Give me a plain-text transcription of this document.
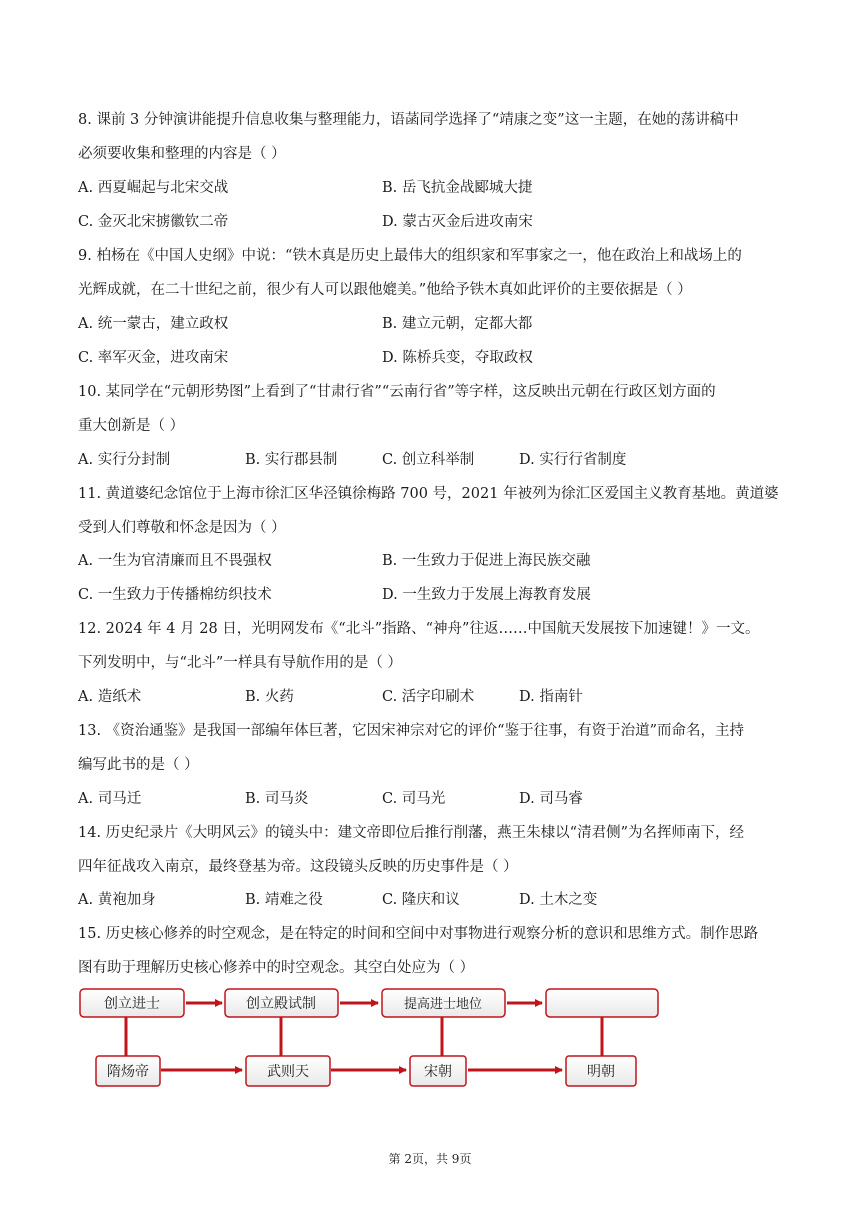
8. 课前 3 分钟演讲能提升信息收集与整理能力，语菡同学选择了“靖康之变”这一主题，在她的荡讲稿中
必须要收集和整理的内容是（ ）
A. 西夏崛起与北宋交战	B. 岳飞抗金战郾城大捷
C. 金灭北宋掳徽钦二帝	D. 蒙古灭金后进攻南宋
9. 柏杨在《中国人史纲》中说：“铁木真是历史上最伟大的组织家和军事家之一，他在政治上和战场上的
光辉成就，在二十世纪之前，很少有人可以跟他媲美。”他给予铁木真如此评价的主要依据是（ ）
A. 统一蒙古，建立政权	B. 建立元朝，定都大都
C. 率军灭金，进攻南宋	D. 陈桥兵变，夺取政权
10. 某同学在“元朝形势图”上看到了“甘肃行省”“云南行省”等字样，这反映出元朝在行政区划方面的
重大创新是（ ）
A. 实行分封制	B. 实行郡县制	C. 创立科举制	D. 实行行省制度
11. 黄道婆纪念馆位于上海市徐汇区华泾镇徐梅路 700 号，2021 年被列为徐汇区爱国主义教育基地。黄道婆
受到人们尊敬和怀念是因为（ ）
A. 一生为官清廉而且不畏强权	B. 一生致力于促进上海民族交融
C. 一生致力于传播棉纺织技术	D. 一生致力于发展上海教育发展
12. 2024 年 4 月 28 日，光明网发布《“北斗”指路、“神舟”往返……中国航天发展按下加速键！》一文。
下列发明中，与“北斗”一样具有导航作用的是（ ）
A. 造纸术	B. 火药	C. 活字印刷术	D. 指南针
13. 《资治通鉴》是我国一部编年体巨著，它因宋神宗对它的评价“鉴于往事，有资于治道”而命名，主持
编写此书的是（ ）
A. 司马迁	B. 司马炎	C. 司马光	D. 司马睿
14. 历史纪录片《大明风云》的镜头中：建文帝即位后推行削藩，燕王朱棣以“清君侧”为名挥师南下，经
四年征战攻入南京，最终登基为帝。这段镜头反映的历史事件是（ ）
A. 黄袍加身	B. 靖难之役	C. 隆庆和议	D. 土木之变
15. 历史核心修养的时空观念，是在特定的时间和空间中对事物进行观察分析的意识和思维方式。制作思路
图有助于理解历史核心修养中的时空观念。其空白处应为（ ）
创立进士	创立殿试制	提高进士地位
隋炀帝	武则天	宋朝	明朝
第 2页，共 9页
